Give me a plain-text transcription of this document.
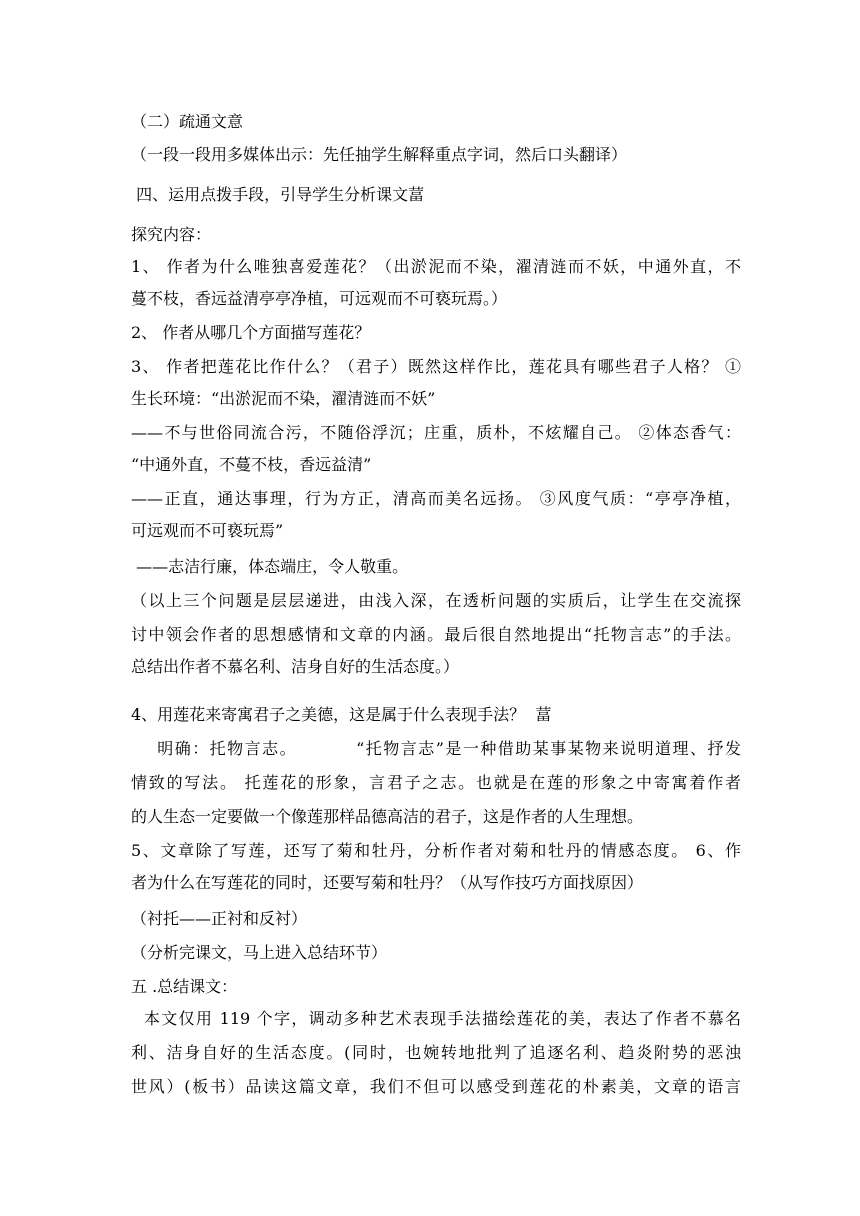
（二）疏通文意
（一段一段用多媒体出示：先任抽学生解释重点字词，然后口头翻译）
四、运用点拨手段，引导学生分析课文葍
探究内容：
1、 作者为什么唯独喜爱莲花？（出淤泥而不染，濯清涟而不妖，中通外直，不
蔓不枝，香远益清亭亭净植，可远观而不可亵玩焉。）
2、 作者从哪几个方面描写莲花？
3、 作者把莲花比作什么？（君子）既然这样作比，莲花具有哪些君子人格？ ①
生长环境：“出淤泥而不染，濯清涟而不妖”
——不与世俗同流合污，不随俗浮沉；庄重，质朴，不炫耀自己。 ②体态香气：
“中通外直，不蔓不枝，香远益清”
——正直，通达事理，行为方正，清高而美名远扬。 ③风度气质：“亭亭净植，
可远观而不可亵玩焉”
——志洁行廉，体态端庄，令人敬重。
（以上三个问题是层层递进，由浅入深，在透析问题的实质后，让学生在交流探
讨中领会作者的思想感情和文章的内涵。最后很自然地提出“托物言志”的手法。
总结出作者不慕名利、洁身自好的生活态度。）
4、用莲花来寄寓君子之美德，这是属于什么表现手法？  葍
明确：托物言志。         “托物言志”是一种借助某事某物来说明道理、抒发
情致的写法。 托莲花的形象，言君子之志。也就是在莲的形象之中寄寓着作者
的人生态一定要做一个像莲那样品德高洁的君子，这是作者的人生理想。
5、文章除了写莲，还写了菊和牡丹，分析作者对菊和牡丹的情感态度。 6、作
者为什么在写莲花的同时，还要写菊和牡丹？（从写作技巧方面找原因）
（衬托——正衬和反衬）
（分析完课文，马上进入总结环节）
五 .总结课文：
本文仅用 119 个字，调动多种艺术表现手法描绘莲花的美，表达了作者不慕名
利、洁身自好的生活态度。(同时，也婉转地批判了追逐名利、趋炎附势的恶浊
世风）(板书）品读这篇文章，我们不但可以感受到莲花的朴素美，文章的语言
